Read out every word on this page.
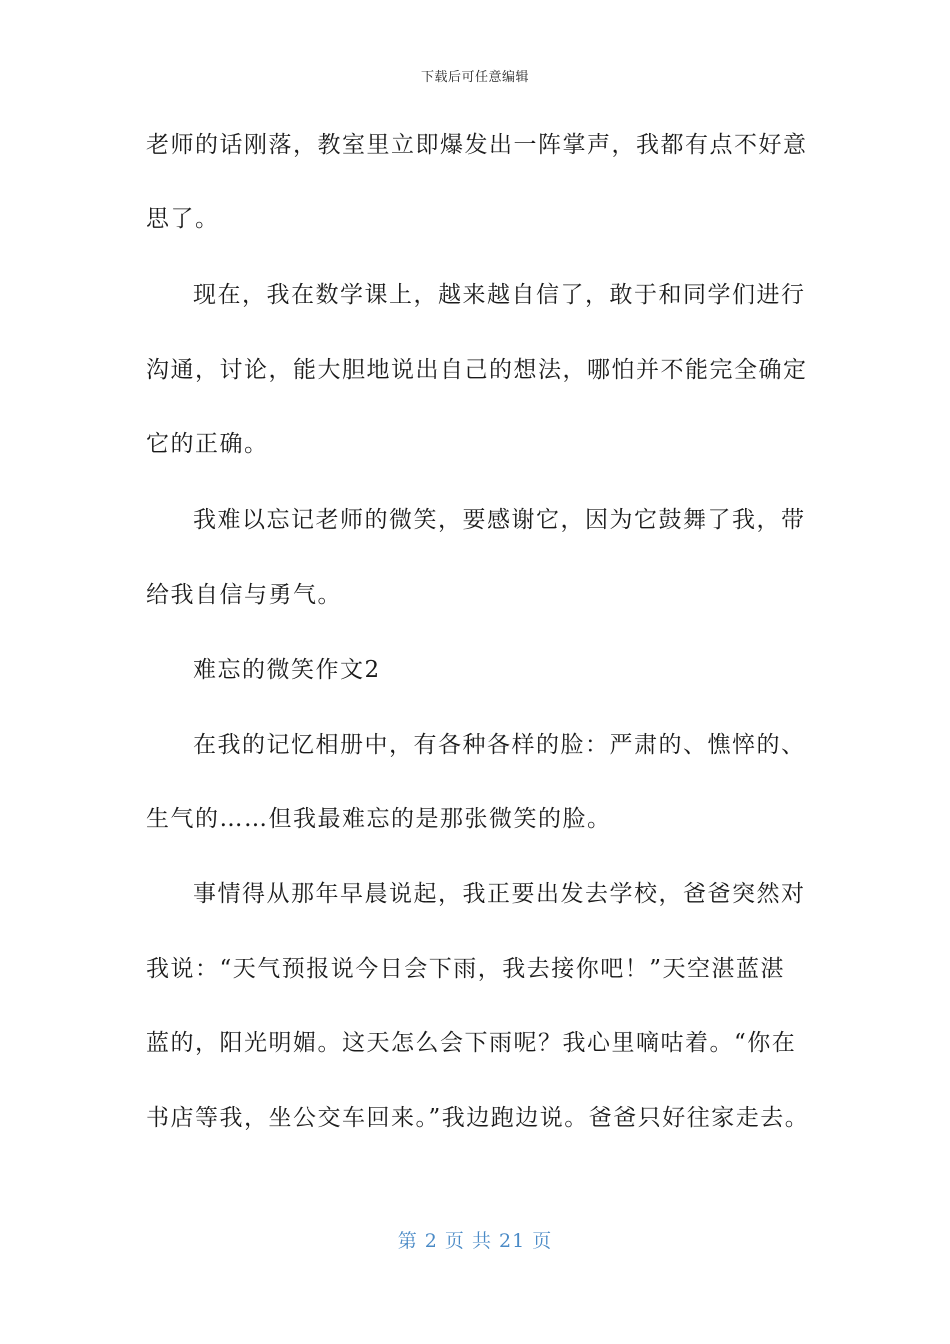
下载后可任意编辑
老师的话刚落，教室里立即爆发出一阵掌声，我都有点不好意
思了。
现在，我在数学课上，越来越自信了，敢于和同学们进行
沟通，讨论，能大胆地说出自己的想法，哪怕并不能完全确定
它的正确。
我难以忘记老师的微笑，要感谢它，因为它鼓舞了我，带
给我自信与勇气。
难忘的微笑作文2
在我的记忆相册中，有各种各样的脸：严肃的、憔悴的、
生气的……但我最难忘的是那张微笑的脸。
事情得从那年早晨说起，我正要出发去学校，爸爸突然对
我说：“天气预报说今日会下雨，我去接你吧！”天空湛蓝湛
蓝的，阳光明媚。这天怎么会下雨呢？我心里嘀咕着。“你在
书店等我，坐公交车回来。”我边跑边说。爸爸只好往家走去。
第 2 页 共 21 页
